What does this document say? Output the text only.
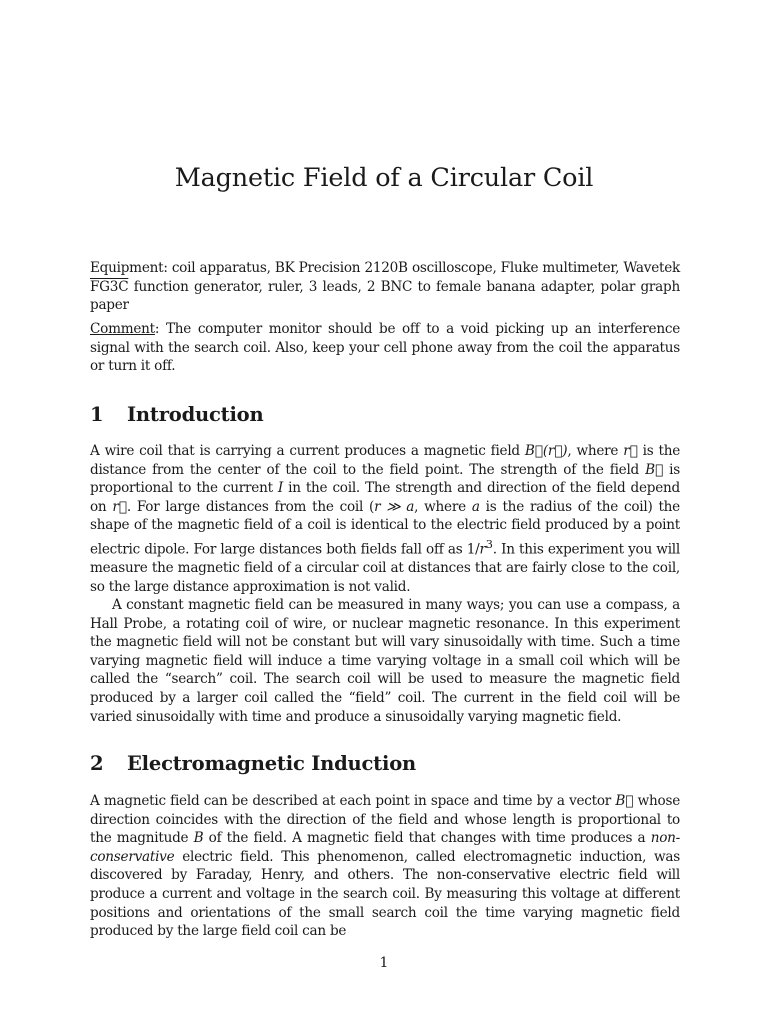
Magnetic Field of a Circular Coil

Equipment: coil apparatus, BK Precision 2120B oscilloscope, Fluke multimeter, Wavetek FG3C function generator, ruler, 3 leads, 2 BNC to female banana adapter, polar graph paper

Comment: The computer monitor should be off to a void picking up an interference signal with the search coil. Also, keep your cell phone away from the coil the apparatus or turn it off.

1 Introduction

A wire coil that is carrying a current produces a magnetic field B⃗(r⃗), where r⃗ is the distance from the center of the coil to the field point. The strength of the field B⃗ is proportional to the current I in the coil. The strength and direction of the field depend on r⃗. For large distances from the coil (r ≫ a, where a is the radius of the coil) the shape of the magnetic field of a coil is identical to the electric field produced by a point electric dipole. For large distances both fields fall off as $1/r^3$. In this experiment you will measure the magnetic field of a circular coil at distances that are fairly close to the coil, so the large distance approximation is not valid.

A constant magnetic field can be measured in many ways; you can use a compass, a Hall Probe, a rotating coil of wire, or nuclear magnetic resonance. In this experiment the magnetic field will not be constant but will vary sinusoidally with time. Such a time varying magnetic field will induce a time varying voltage in a small coil which will be called the “search” coil. The search coil will be used to measure the magnetic field produced by a larger coil called the “field” coil. The current in the field coil will be varied sinusoidally with time and produce a sinusoidally varying magnetic field.

2 Electromagnetic Induction

A magnetic field can be described at each point in space and time by a vector B⃗ whose direction coincides with the direction of the field and whose length is proportional to the magnitude B of the field. A magnetic field that changes with time produces a non-conservative electric field. This phenomenon, called electromagnetic induction, was discovered by Faraday, Henry, and others. The non-conservative electric field will produce a current and voltage in the search coil. By measuring this voltage at different positions and orientations of the small search coil the time varying magnetic field produced by the large field coil can be

1
